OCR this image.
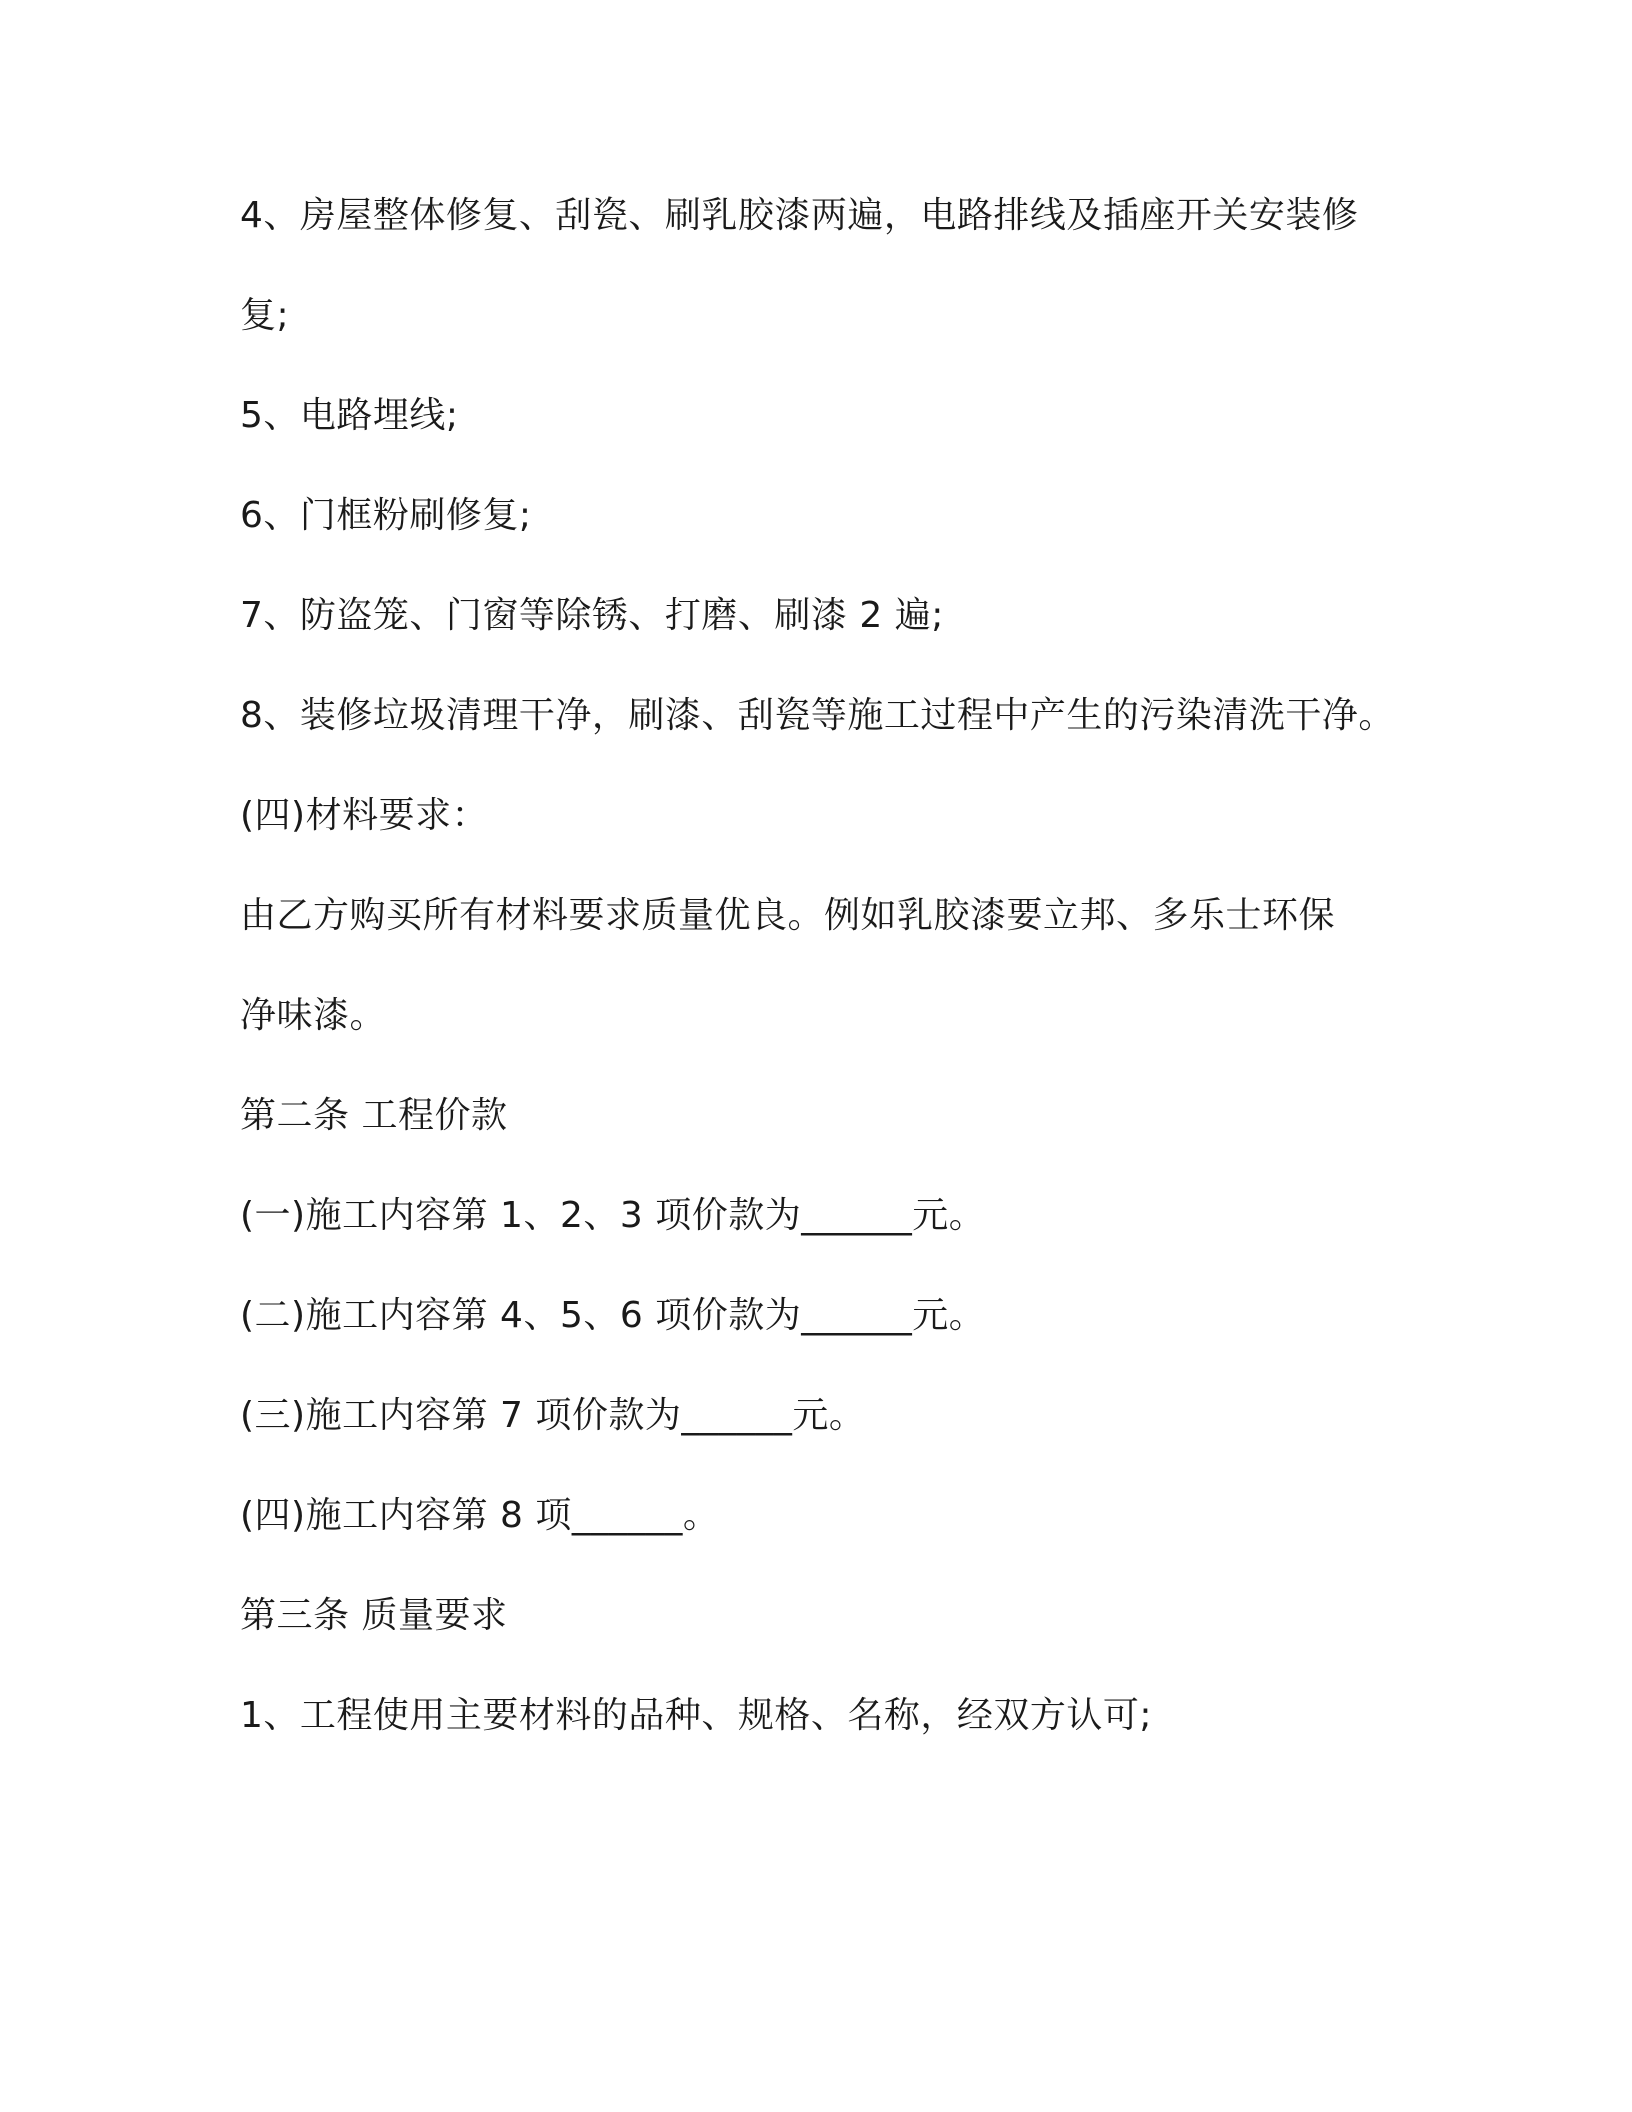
4、房屋整体修复、刮瓷、刷乳胶漆两遍，电路排线及插座开关安装修
复;
5、电路埋线;
6、门框粉刷修复;
7、防盗笼、门窗等除锈、打磨、刷漆 2 遍;
8、装修垃圾清理干净，刷漆、刮瓷等施工过程中产生的污染清洗干净。
(四)材料要求：
由乙方购买所有材料要求质量优良。例如乳胶漆要立邦、多乐士环保
净味漆。
第二条 工程价款
(一)施工内容第 1、2、3 项价款为______元。
(二)施工内容第 4、5、6 项价款为______元。
(三)施工内容第 7 项价款为______元。
(四)施工内容第 8 项______。
第三条 质量要求
1、工程使用主要材料的品种、规格、名称，经双方认可;
